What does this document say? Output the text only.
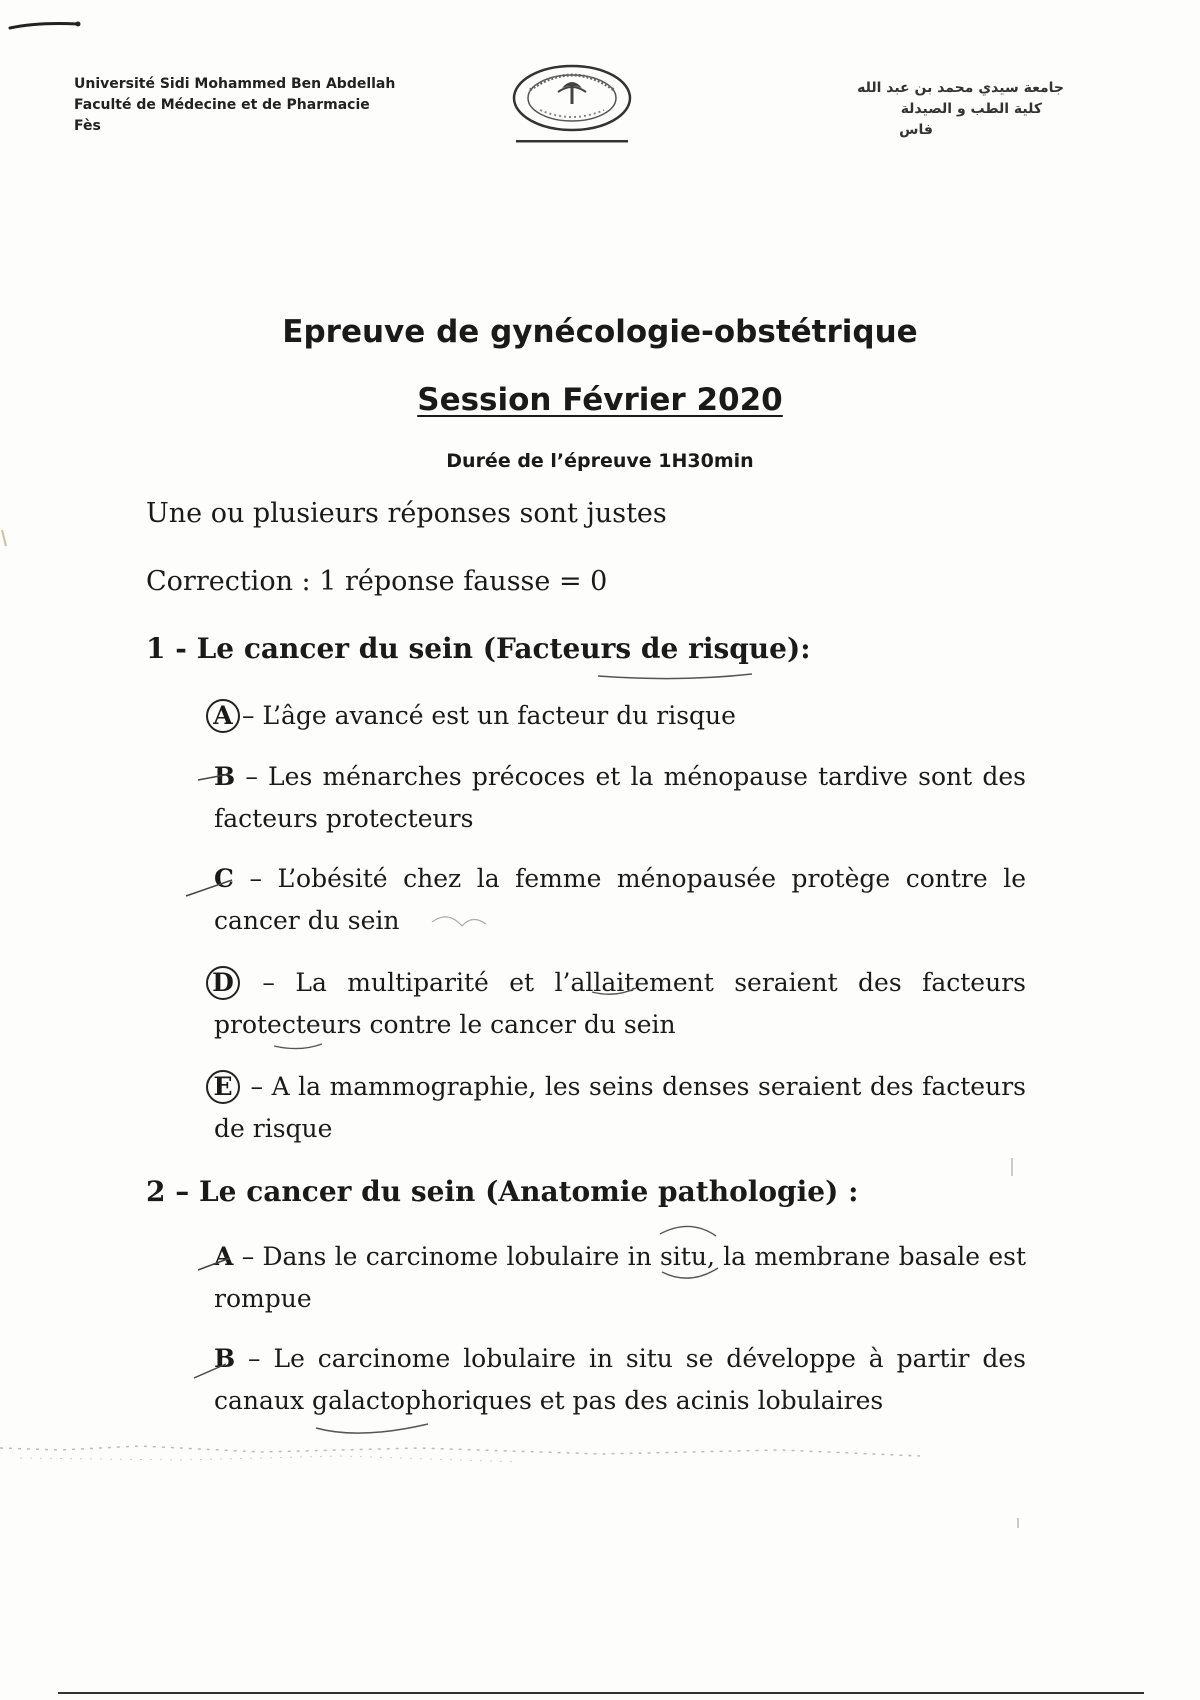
Université Sidi Mohammed Ben Abdellah
Faculté de Médecine et de Pharmacie
Fès
جامعة سيدي محمد بن عبد الله
كلية الطب و الصيدلة
فاس
Epreuve de gynécologie-obstétrique
Session Février 2020
Durée de l’épreuve 1H30min
Une ou plusieurs réponses sont justes
Correction : 1 réponse fausse = 0
1 - Le cancer du sein (Facteurs de risque):
A – L’âge avancé est un facteur du risque
B – Les ménarches précoces et la ménopause tardive sont des facteurs protecteurs
C – L’obésité chez la femme ménopausée protège contre le cancer du sein
D – La multiparité et l’allaitement seraient des facteurs protecteurs contre le cancer du sein
E – A la mammographie, les seins denses seraient des facteurs de risque
2 – Le cancer du sein (Anatomie pathologie) :
A – Dans le carcinome lobulaire in situ, la membrane basale est rompue
B – Le carcinome lobulaire in situ se développe à partir des canaux galactophoriques et pas des acinis lobulaires
